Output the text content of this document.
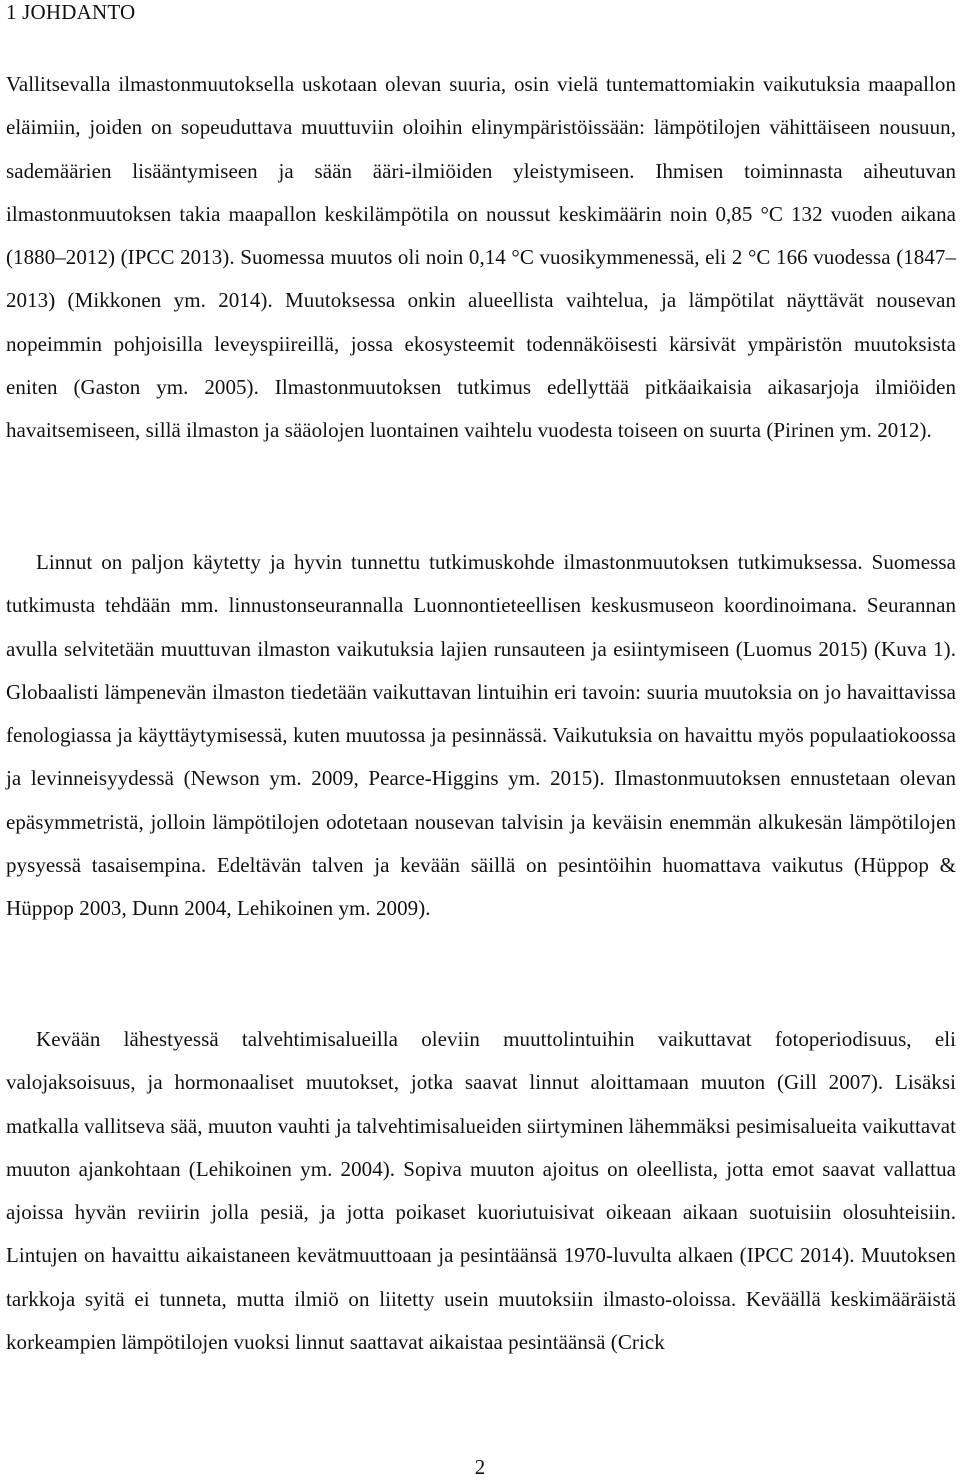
1 JOHDANTO

Vallitsevalla ilmastonmuutoksella uskotaan olevan suuria, osin vielä tuntemattomiakin vaikutuksia maapallon eläimiin, joiden on sopeuduttava muuttuviin oloihin elinympäristöissään: lämpötilojen vähittäiseen nousuun, sademäärien lisääntymiseen ja sään ääri-ilmiöiden yleistymiseen. Ihmisen toiminnasta aiheutuvan ilmastonmuutoksen takia maapallon keskilämpötila on noussut keskimäärin noin 0,85 °C 132 vuoden aikana (1880–2012) (IPCC 2013). Suomessa muutos oli noin 0,14 °C vuosikymmenessä, eli 2 °C 166 vuodessa (1847–2013) (Mikkonen ym. 2014). Muutoksessa onkin alueellista vaihtelua, ja lämpötilat näyttävät nousevan nopeimmin pohjoisilla leveyspiireillä, jossa ekosysteemit todennäköisesti kärsivät ympäristön muutoksista eniten (Gaston ym. 2005). Ilmastonmuutoksen tutkimus edellyttää pitkäaikaisia aikasarjoja ilmiöiden havaitsemiseen, sillä ilmaston ja sääolojen luontainen vaihtelu vuodesta toiseen on suurta (Pirinen ym. 2012).

Linnut on paljon käytetty ja hyvin tunnettu tutkimuskohde ilmastonmuutoksen tutkimuksessa. Suomessa tutkimusta tehdään mm. linnustonseurannalla Luonnontieteellisen keskusmuseon koordinoimana. Seurannan avulla selvitetään muuttuvan ilmaston vaikutuksia lajien runsauteen ja esiintymiseen (Luomus 2015) (Kuva 1). Globaalisti lämpenevän ilmaston tiedetään vaikuttavan lintuihin eri tavoin: suuria muutoksia on jo havaittavissa fenologiassa ja käyttäytymisessä, kuten muutossa ja pesinnässä. Vaikutuksia on havaittu myös populaatiokoossa ja levinneisyydessä (Newson ym. 2009, Pearce-Higgins ym. 2015). Ilmastonmuutoksen ennustetaan olevan epäsymmetristä, jolloin lämpötilojen odotetaan nousevan talvisin ja keväisin enemmän alkukesän lämpötilojen pysyessä tasaisempina. Edeltävän talven ja kevään säillä on pesintöihin huomattava vaikutus (Hüppop & Hüppop 2003, Dunn 2004, Lehikoinen ym. 2009).

Kevään lähestyessä talvehtimisalueilla oleviin muuttolintuihin vaikuttavat fotoperiodisuus, eli valojaksoisuus, ja hormonaaliset muutokset, jotka saavat linnut aloittamaan muuton (Gill 2007). Lisäksi matkalla vallitseva sää, muuton vauhti ja talvehtimisalueiden siirtyminen lähemmäksi pesimisalueita vaikuttavat muuton ajankohtaan (Lehikoinen ym. 2004). Sopiva muuton ajoitus on oleellista, jotta emot saavat vallattua ajoissa hyvän reviirin jolla pesiä, ja jotta poikaset kuoriutuisivat oikeaan aikaan suotuisiin olosuhteisiin. Lintujen on havaittu aikaistaneen kevätmuuttoaan ja pesintäänsä 1970-luvulta alkaen (IPCC 2014). Muutoksen tarkkoja syitä ei tunneta, mutta ilmiö on liitetty usein muutoksiin ilmasto-oloissa. Keväällä keskimääräistä korkeampien lämpötilojen vuoksi linnut saattavat aikaistaa pesintäänsä (Crick

2
